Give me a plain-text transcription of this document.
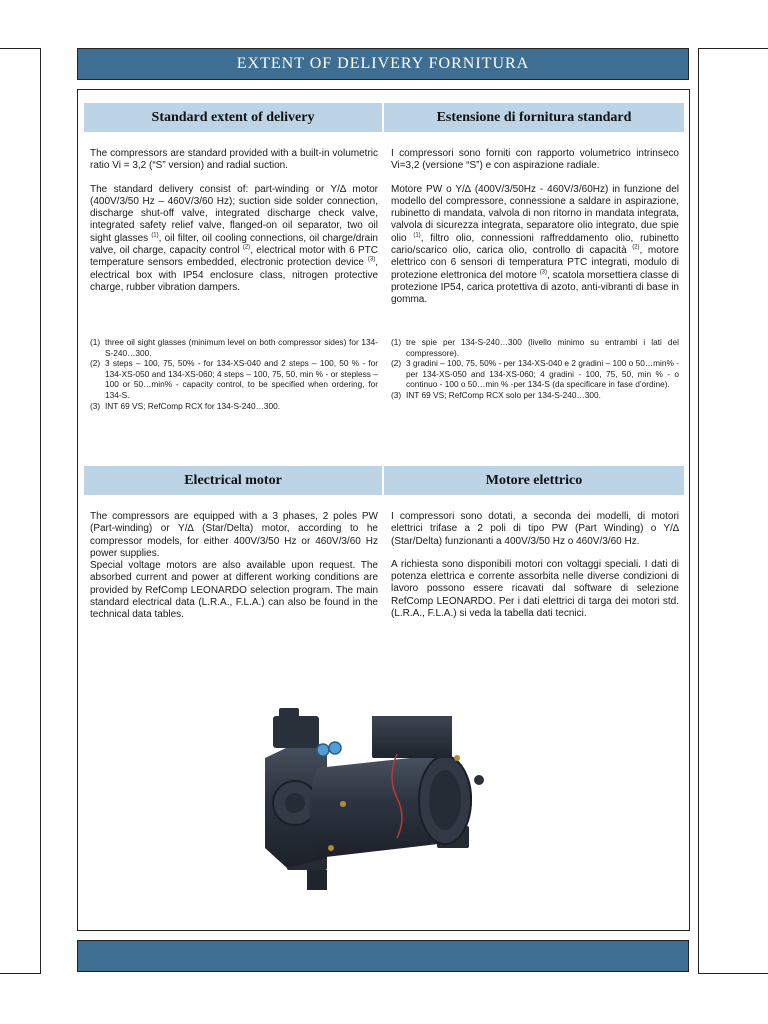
EXTENT OF DELIVERY FORNITURA
Standard extent of delivery	Estensione di fornitura standard

The compressors are standard provided with a built-in volumetric ratio Vi = 3,2 (“S” version) and radial suction.

The standard delivery consist of: part-winding or Y/∆ motor (400V/3/50 Hz – 460V/3/60 Hz); suction side solder connection, discharge shut-off valve, integrated discharge check valve, integrated safety relief valve, flanged-on oil separator, two oil sight glasses $^{(1)}$, oil filter, oil cooling connections, oil charge/drain valve, oil charge, capacity control $^{(2)}$, electrical motor with 6 PTC temperature sensors embedded, electronic protection device $^{(3)}$, electrical box with IP54 enclosure class, nitrogen protective charge, rubber vibration dampers.

I compressori sono forniti con rapporto volumetrico intrinseco Vi=3,2 (versione “S”) e con aspirazione radiale.

Motore PW o Y/∆ (400V/3/50Hz - 460V/3/60Hz) in funzione del modello del compressore, connessione a saldare in aspirazione, rubinetto di mandata, valvola di non ritorno in mandata integrata, valvola di sicurezza integrata, separatore olio integrato, due spie olio $^{(1)}$, filtro olio, connessioni raffreddamento olio, rubinetto cario/scarico olio, carica olio, controllo di capacità $^{(2)}$, motore elettrico con 6 sensori di temperatura PTC integrati, modulo di protezione elettronica del motore $^{(3)}$, scatola morsettiera classe di protezione IP54, carica protettiva di azoto, anti-vibranti di base in gomma.

(1) three oil sight glasses (minimum level on both compressor sides) for 134-S-240…300.
(2) 3 steps – 100, 75, 50% - for 134-XS-040 and 2 steps – 100, 50 % - for 134-XS-050 and 134-XS-060; 4 steps – 100, 75, 50, min % - or stepless – 100 or 50…min% - capacity control, to be specified when ordering, for 134-S.
(3) INT 69 VS; RefComp RCX for 134-S-240…300.
(1) tre spie per 134-S-240…300 (livello minimo su entrambi i lati del compressore).
(2) 3 gradini – 100, 75, 50% - per 134-XS-040 e 2 gradini – 100 o 50…min% - per 134-XS-050 and 134-XS-060; 4 gradini - 100, 75, 50, min % - o continuo - 100 o 50…min % -per 134-S (da specificare in fase d’ordine).
(3) INT 69 VS; RefComp RCX solo per 134-S-240…300.
Electrical motor	Motore elettrico
The compressors are equipped with a 3 phases, 2 poles PW (Part-winding) or Y/∆ (Star/Delta) motor, according to he compressor models, for either 400V/3/50 Hz or 460V/3/60 Hz power supplies.
Special voltage motors are also available upon request. The absorbed current and power at different working conditions are provided by RefComp LEONARDO selection program. The main standard electrical data (L.R.A., F.L.A.) can also be found in the technical data tables.

I compressori sono dotati, a seconda dei modelli, di motori elettrici trifase a 2 poli di tipo PW (Part Winding) o Y/∆ (Star/Delta) funzionanti a 400V/3/50 Hz o 460V/3/60 Hz.

A richiesta sono disponibili motori con voltaggi speciali. I dati di potenza elettrica e corrente assorbita nelle diverse condizioni di lavoro possono essere ricavati dal software di selezione RefComp LEONARDO. Per i dati elettrici di targa dei motori std. (L.R.A., F.L.A.) si veda la tabella dati tecnici.
